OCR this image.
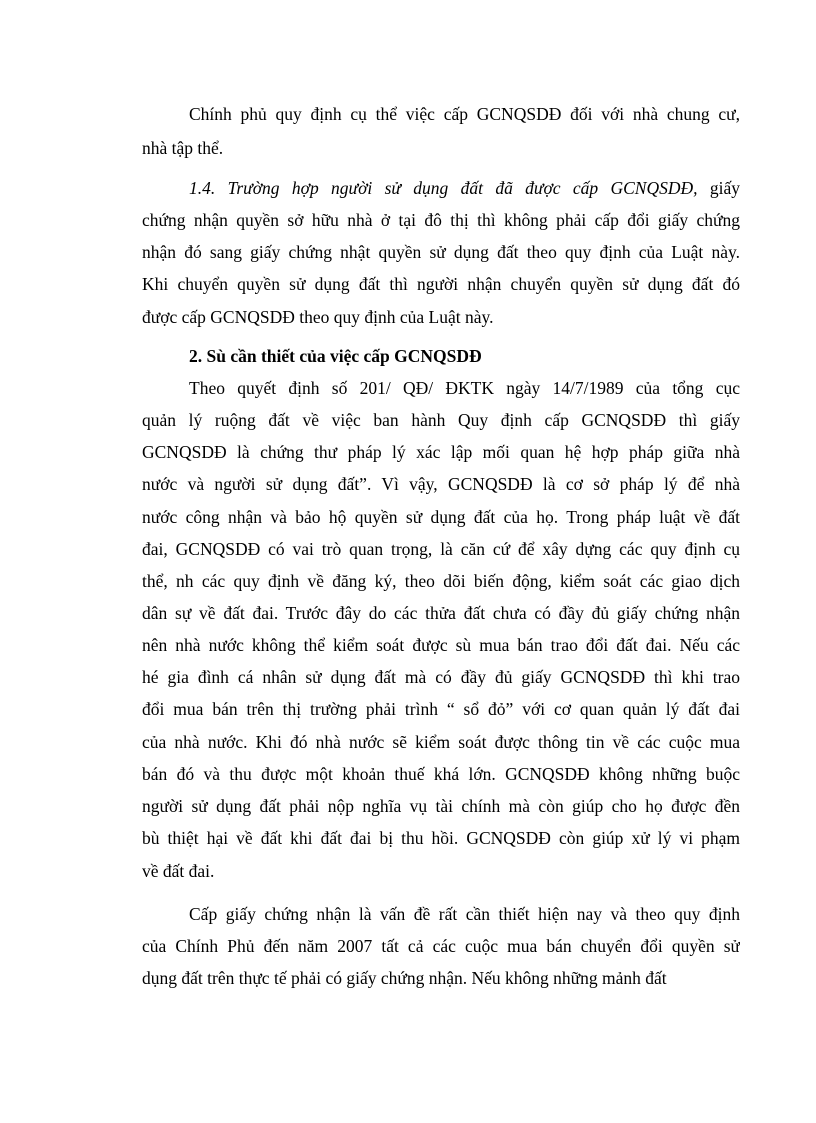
Chính phủ quy định cụ thể việc cấp GCNQSDĐ đối với nhà chung cư,
nhà tập thể.
1.4. Trường hợp người sử dụng đất đã được cấp GCNQSDĐ, giấy
chứng nhận quyền sở hữu nhà ở tại đô thị thì không phải cấp đổi giấy chứng
nhận đó sang giấy chứng nhật quyền sử dụng đất theo quy định của Luật này.
Khi chuyển quyền sử dụng đất thì người nhận chuyển quyền sử dụng đất đó
được cấp GCNQSDĐ theo quy định của Luật này.
2. Sù cần thiết của việc cấp GCNQSDĐ
Theo quyết định số 201/ QĐ/ ĐKTK ngày 14/7/1989 của tổng cục
quản lý ruộng đất về việc ban hành Quy định cấp GCNQSDĐ thì giấy
GCNQSDĐ là chứng thư pháp lý xác lập mối quan hệ hợp pháp giữa nhà
nước và người sử dụng đất”. Vì vậy, GCNQSDĐ là cơ sở pháp lý để nhà
nước công nhận và bảo hộ quyền sử dụng đất của họ. Trong pháp luật về đất
đai, GCNQSDĐ có vai trò quan trọng, là căn cứ để xây dựng các quy định cụ
thể, nh các quy định về đăng ký, theo dõi biến động, kiểm soát các giao dịch
dân sự về đất đai. Trước đây do các thửa đất chưa có đầy đủ giấy chứng nhận
nên nhà nước không thể kiểm soát được sù mua bán trao đổi đất đai. Nếu các
hé gia đình cá nhân sử dụng đất mà có đầy đủ giấy GCNQSDĐ thì khi trao
đổi mua bán trên thị trường phải trình “ sổ đỏ” với cơ quan quản lý đất đai
của nhà nước. Khi đó nhà nước sẽ kiểm soát được thông tin về các cuộc mua
bán đó và thu được một khoản thuế khá lớn. GCNQSDĐ không những buộc
người sử dụng đất phải nộp nghĩa vụ tài chính mà còn giúp cho họ được đền
bù thiệt hại về đất khi đất đai bị thu hồi. GCNQSDĐ còn giúp xử lý vi phạm
về đất đai.
Cấp giấy chứng nhận là vấn đề rất cần thiết hiện nay và theo quy định
của Chính Phủ đến năm 2007 tất cả các cuộc mua bán chuyển đổi quyền sử
dụng đất trên thực tế phải có giấy chứng nhận. Nếu không những mảnh đất
